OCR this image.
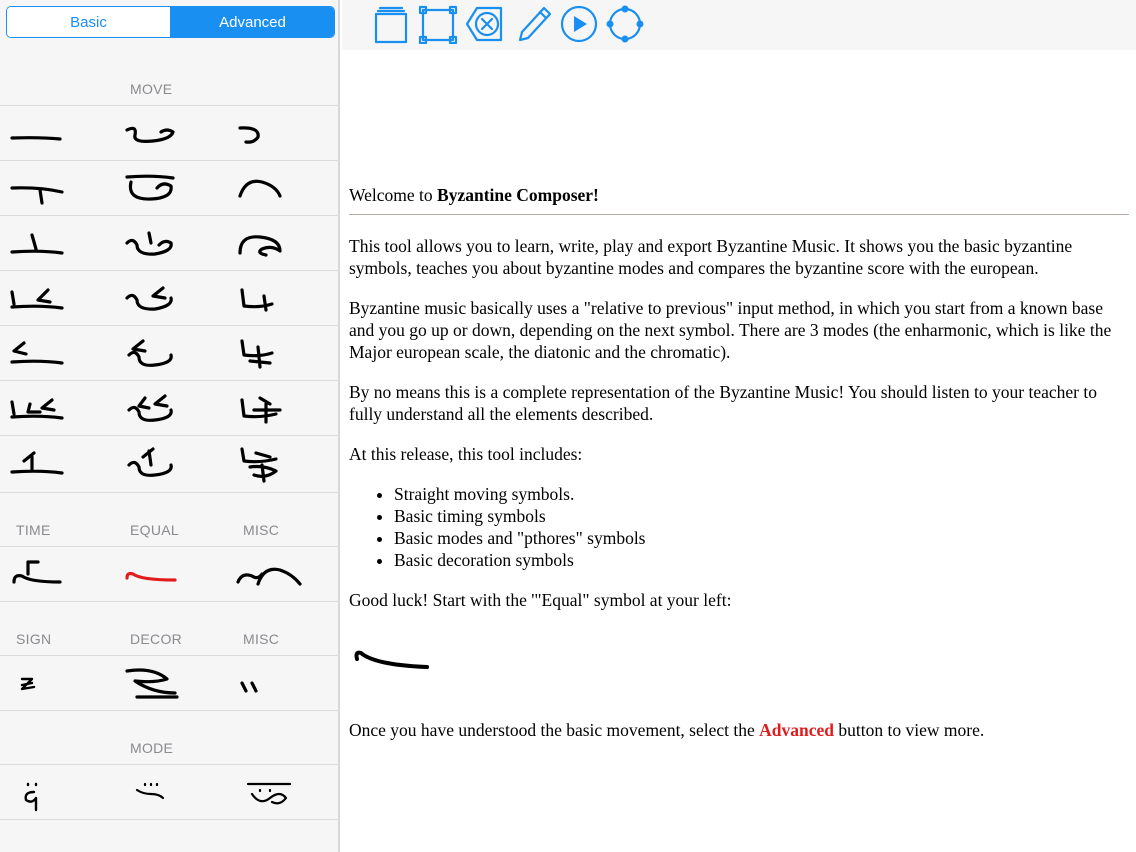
Basic	Advanced
MOVE
TIME	EQUAL	MISC
SIGN	DECOR	MISC
MODE
Welcome to Byzantine Composer!

This tool allows you to learn, write, play and export Byzantine Music. It shows you the basic byzantine symbols, teaches you about byzantine modes and compares the byzantine score with the european.

Byzantine music basically uses a "relative to previous" input method, in which you start from a known base and you go up or down, depending on the next symbol. There are 3 modes (the enharmonic, which is like the Major european scale, the diatonic and the chromatic).

By no means this is a complete representation of the Byzantine Music! You should listen to your teacher to fully understand all the elements described.

At this release, this tool includes:

• Straight moving symbols.
• Basic timing symbols
• Basic modes and "pthores" symbols
• Basic decoration symbols

Good luck! Start with the '"Equal" symbol at your left:

Once you have understood the basic movement, select the Advanced button to view more.
